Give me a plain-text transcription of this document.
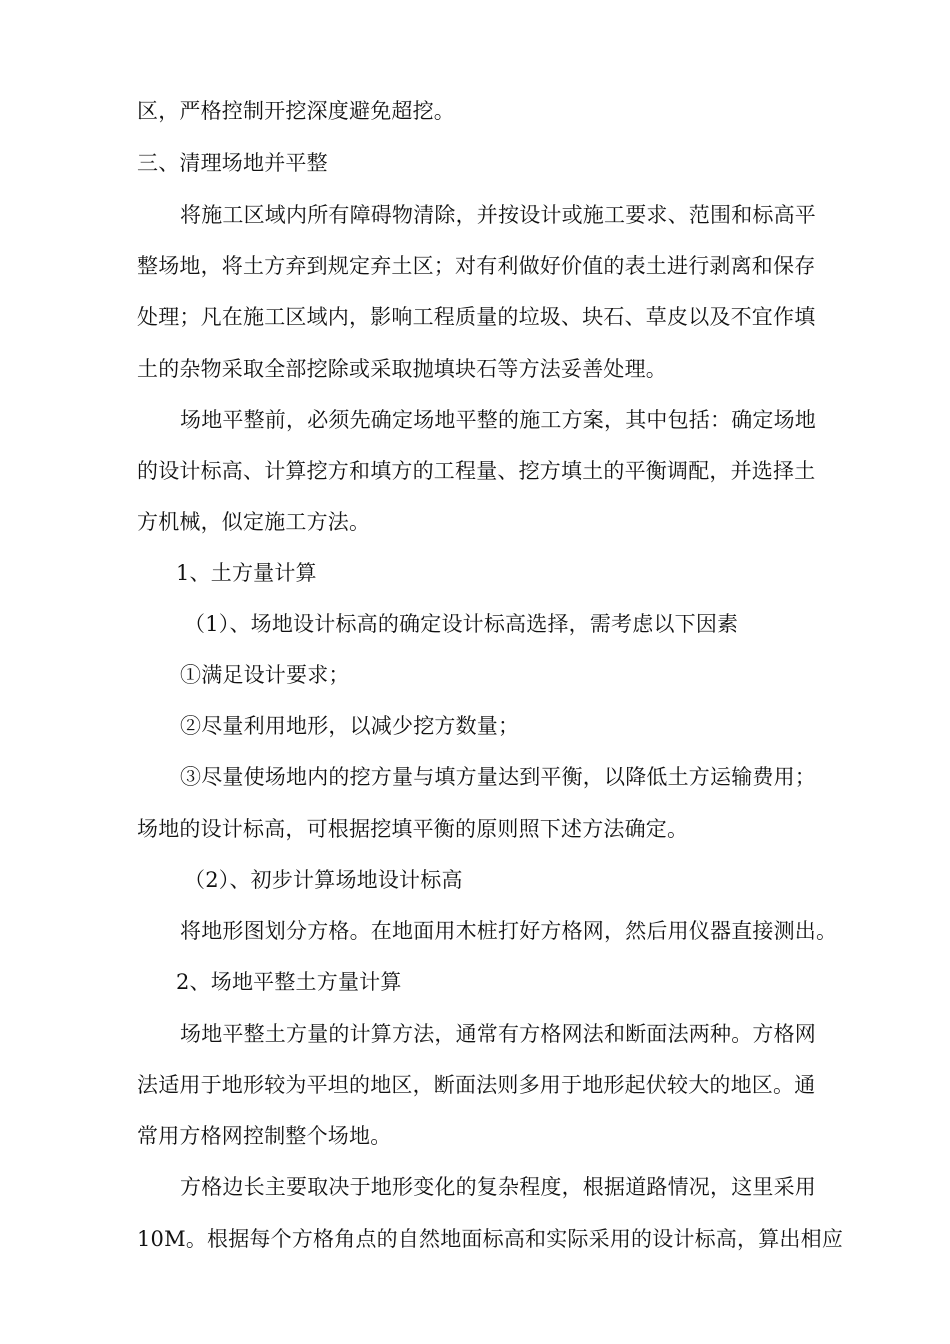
区，严格控制开挖深度避免超挖。
三、清理场地并平整
将施工区域内所有障碍物清除，并按设计或施工要求、范围和标高平
整场地，将土方弃到规定弃土区；对有利做好价值的表土进行剥离和保存
处理；凡在施工区域内，影响工程质量的垃圾、块石、草皮以及不宜作填
土的杂物采取全部挖除或采取抛填块石等方法妥善处理。
场地平整前，必须先确定场地平整的施工方案，其中包括：确定场地
的设计标高、计算挖方和填方的工程量、挖方填土的平衡调配，并选择土
方机械，似定施工方法。
1、土方量计算
（1）、场地设计标高的确定设计标高选择，需考虑以下因素
①满足设计要求；
②尽量利用地形，以减少挖方数量；
③尽量使场地内的挖方量与填方量达到平衡，以降低土方运输费用；
场地的设计标高，可根据挖填平衡的原则照下述方法确定。
（2）、初步计算场地设计标高
将地形图划分方格。在地面用木桩打好方格网，然后用仪器直接测出。
2、场地平整土方量计算
场地平整土方量的计算方法，通常有方格网法和断面法两种。方格网
法适用于地形较为平坦的地区，断面法则多用于地形起伏较大的地区。通
常用方格网控制整个场地。
方格边长主要取决于地形变化的复杂程度，根据道路情况，这里采用
10M。根据每个方格角点的自然地面标高和实际采用的设计标高，算出相应
